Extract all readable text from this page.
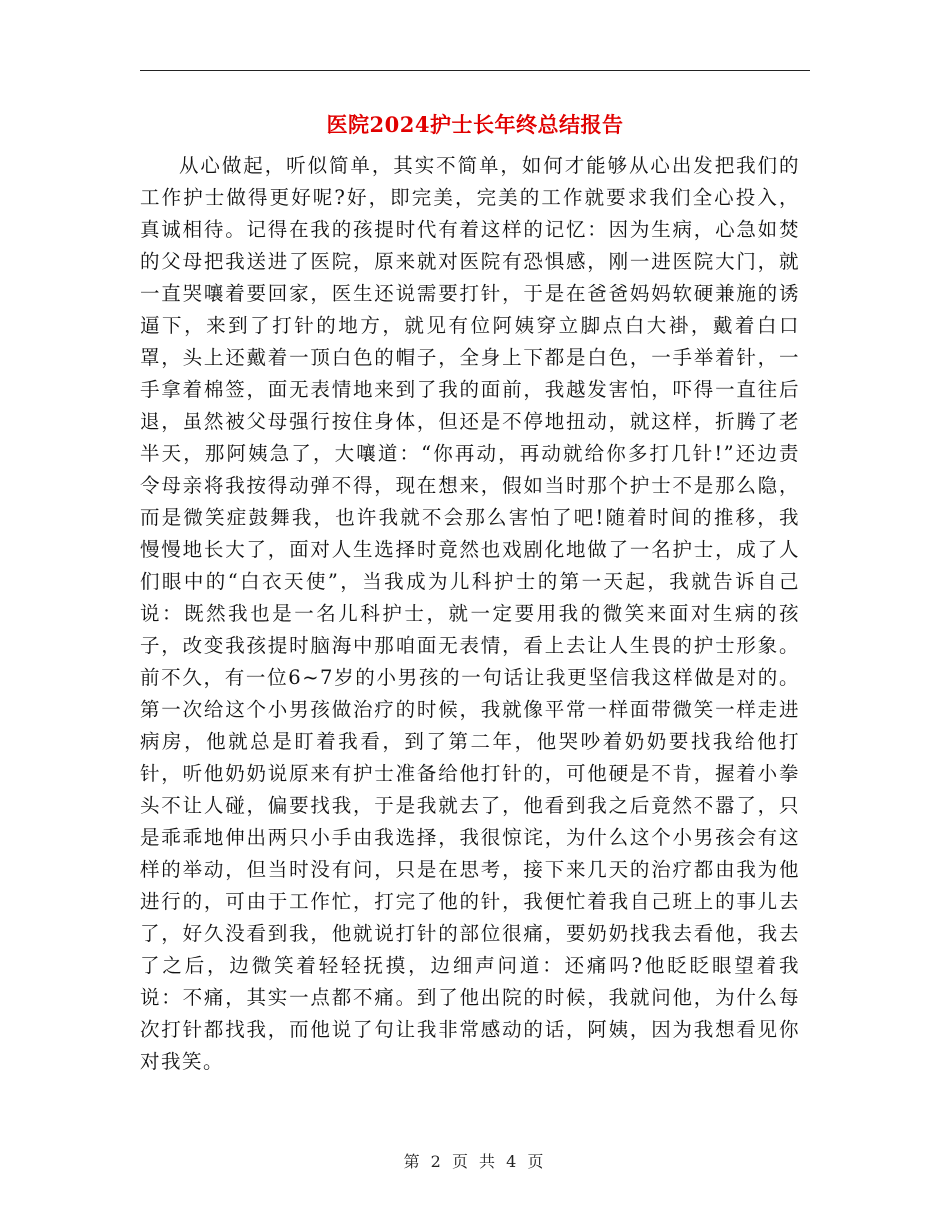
医院2024护士长年终总结报告

从心做起，听似简单，其实不简单，如何才能够从心出发把我们的工作护士做得更好呢?好，即完美，完美的工作就要求我们全心投入，真诚相待。记得在我的孩提时代有着这样的记忆：因为生病，心急如焚的父母把我送进了医院，原来就对医院有恐惧感，刚一进医院大门，就一直哭嚷着要回家，医生还说需要打针，于是在爸爸妈妈软硬兼施的诱逼下，来到了打针的地方，就见有位阿姨穿立脚点白大褂，戴着白口罩，头上还戴着一顶白色的帽子，全身上下都是白色，一手举着针，一手拿着棉签，面无表情地来到了我的面前，我越发害怕，吓得一直往后退，虽然被父母强行按住身体，但还是不停地扭动，就这样，折腾了老半天，那阿姨急了，大嚷道：“你再动，再动就给你多打几针!”还边责令母亲将我按得动弹不得，现在想来，假如当时那个护士不是那么隐，而是微笑症鼓舞我，也许我就不会那么害怕了吧!随着时间的推移，我慢慢地长大了，面对人生选择时竟然也戏剧化地做了一名护士，成了人们眼中的“白衣天使”，当我成为儿科护士的第一天起，我就告诉自己说：既然我也是一名儿科护士，就一定要用我的微笑来面对生病的孩子，改变我孩提时脑海中那咱面无表情，看上去让人生畏的护士形象。前不久，有一位6~7岁的小男孩的一句话让我更坚信我这样做是对的。第一次给这个小男孩做治疗的时候，我就像平常一样面带微笑一样走进病房，他就总是盯着我看，到了第二年，他哭吵着奶奶要找我给他打针，听他奶奶说原来有护士准备给他打针的，可他硬是不肯，握着小拳头不让人碰，偏要找我，于是我就去了，他看到我之后竟然不嚣了，只是乖乖地伸出两只小手由我选择，我很惊诧，为什么这个小男孩会有这样的举动，但当时没有问，只是在思考，接下来几天的治疗都由我为他进行的，可由于工作忙，打完了他的针，我便忙着我自己班上的事儿去了，好久没看到我，他就说打针的部位很痛，要奶奶找我去看他，我去了之后，边微笑着轻轻抚摸，边细声问道：还痛吗?他眨眨眼望着我说：不痛，其实一点都不痛。到了他出院的时候，我就问他，为什么每次打针都找我，而他说了句让我非常感动的话，阿姨，因为我想看见你对我笑。

第 2 页 共 4 页
